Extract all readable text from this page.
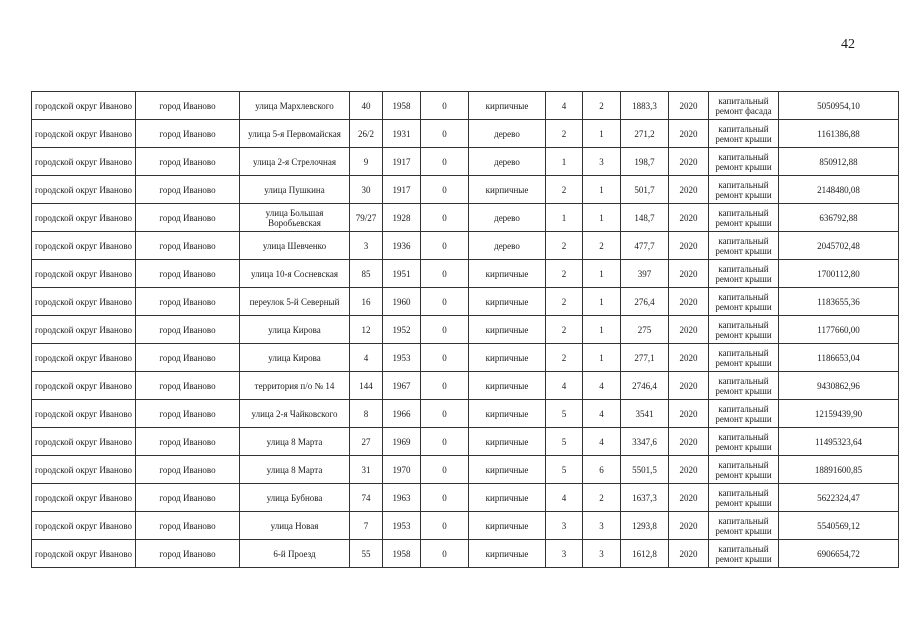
42
городской округ Иваново	город Иваново	улица Мархлевского	40	1958	0	кирпичные	4	2	1883,3	2020	капитальный ремонт фасада	5050954,10
городской округ Иваново	город Иваново	улица 5-я Первомайская	26/2	1931	0	дерево	2	1	271,2	2020	капитальный ремонт крыши	1161386,88
городской округ Иваново	город Иваново	улица 2-я Стрелочная	9	1917	0	дерево	1	3	198,7	2020	капитальный ремонт крыши	850912,88
городской округ Иваново	город Иваново	улица Пушкина	30	1917	0	кирпичные	2	1	501,7	2020	капитальный ремонт крыши	2148480,08
городской округ Иваново	город Иваново	улица Большая Воробьевская	79/27	1928	0	дерево	1	1	148,7	2020	капитальный ремонт крыши	636792,88
городской округ Иваново	город Иваново	улица Шевченко	3	1936	0	дерево	2	2	477,7	2020	капитальный ремонт крыши	2045702,48
городской округ Иваново	город Иваново	улица 10-я Сосневская	85	1951	0	кирпичные	2	1	397	2020	капитальный ремонт крыши	1700112,80
городской округ Иваново	город Иваново	переулок 5-й Северный	16	1960	0	кирпичные	2	1	276,4	2020	капитальный ремонт крыши	1183655,36
городской округ Иваново	город Иваново	улица Кирова	12	1952	0	кирпичные	2	1	275	2020	капитальный ремонт крыши	1177660,00
городской округ Иваново	город Иваново	улица Кирова	4	1953	0	кирпичные	2	1	277,1	2020	капитальный ремонт крыши	1186653,04
городской округ Иваново	город Иваново	территория п/о № 14	144	1967	0	кирпичные	4	4	2746,4	2020	капитальный ремонт крыши	9430862,96
городской округ Иваново	город Иваново	улица 2-я Чайковского	8	1966	0	кирпичные	5	4	3541	2020	капитальный ремонт крыши	12159439,90
городской округ Иваново	город Иваново	улица 8 Марта	27	1969	0	кирпичные	5	4	3347,6	2020	капитальный ремонт крыши	11495323,64
городской округ Иваново	город Иваново	улица 8 Марта	31	1970	0	кирпичные	5	6	5501,5	2020	капитальный ремонт крыши	18891600,85
городской округ Иваново	город Иваново	улица Бубнова	74	1963	0	кирпичные	4	2	1637,3	2020	капитальный ремонт крыши	5622324,47
городской округ Иваново	город Иваново	улица Новая	7	1953	0	кирпичные	3	3	1293,8	2020	капитальный ремонт крыши	5540569,12
городской округ Иваново	город Иваново	6-й Проезд	55	1958	0	кирпичные	3	3	1612,8	2020	капитальный ремонт крыши	6906654,72
